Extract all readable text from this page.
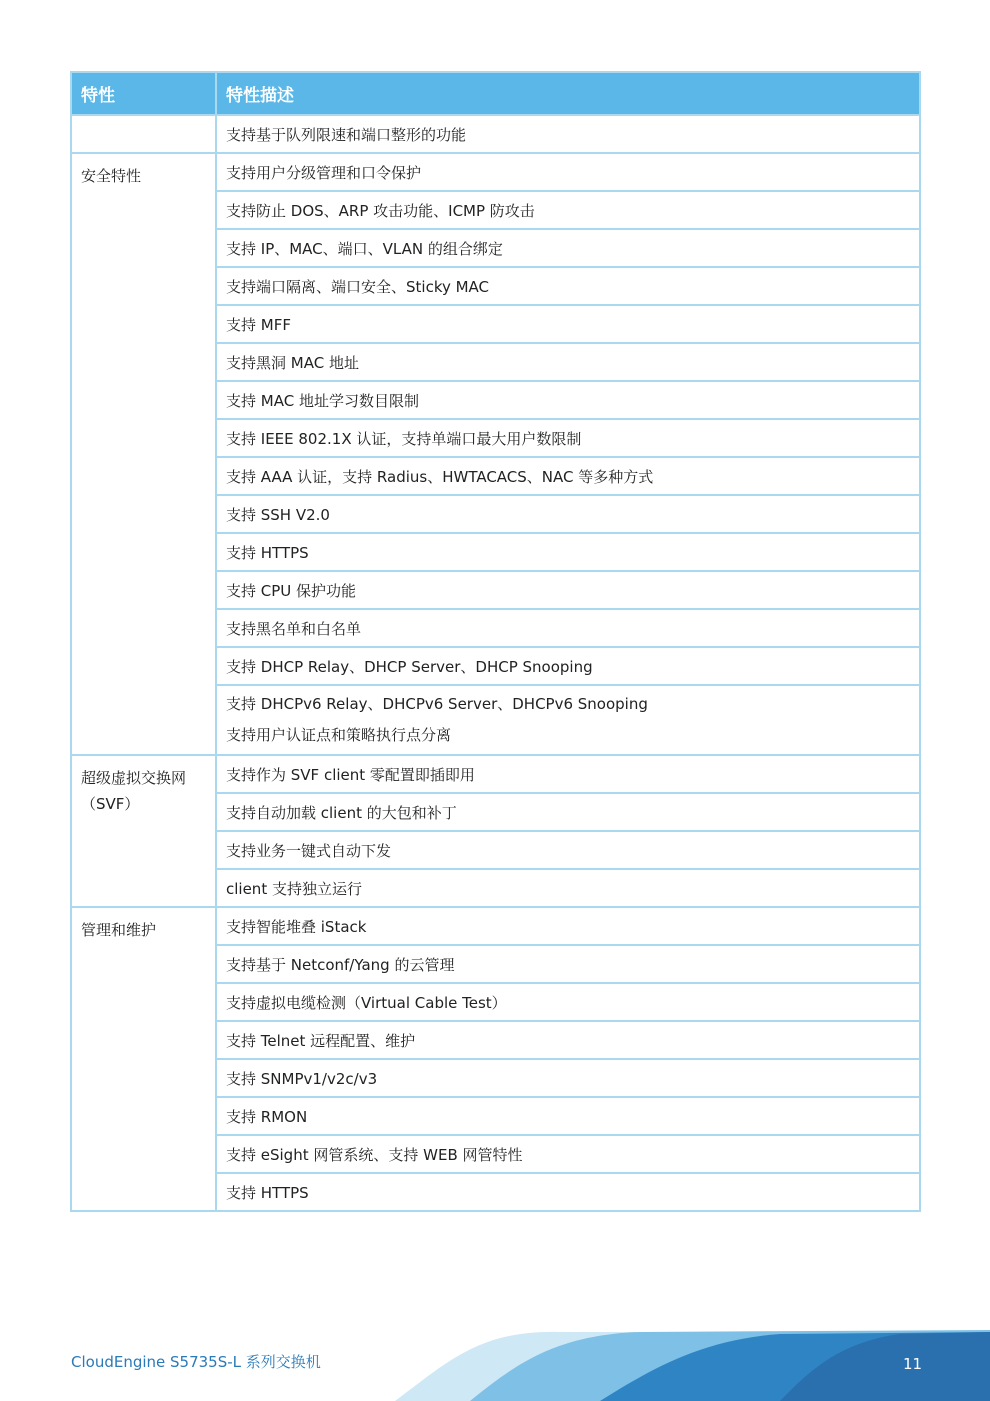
特性	特性描述
	支持基于队列限速和端口整形的功能
安全特性	支持用户分级管理和口令保护
	支持防止 DOS、ARP 攻击功能、ICMP 防攻击
	支持 IP、MAC、端口、VLAN 的组合绑定
	支持端口隔离、端口安全、Sticky MAC
	支持 MFF
	支持黑洞 MAC 地址
	支持 MAC 地址学习数目限制
	支持 IEEE 802.1X 认证，支持单端口最大用户数限制
	支持 AAA 认证，支持 Radius、HWTACACS、NAC 等多种方式
	支持 SSH V2.0
	支持 HTTPS
	支持 CPU 保护功能
	支持黑名单和白名单
	支持 DHCP Relay、DHCP Server、DHCP Snooping

	支持 DHCPv6 Relay、DHCPv6 Server、DHCPv6 Snooping
支持用户认证点和策略执行点分离

超级虚拟交换网（SVF）	支持作为 SVF client 零配置即插即用
	支持自动加载 client 的大包和补丁
	支持业务一键式自动下发
	client 支持独立运行
管理和维护	支持智能堆叠 iStack
	支持基于 Netconf/Yang 的云管理
	支持虚拟电缆检测（Virtual Cable Test）
	支持 Telnet 远程配置、维护
	支持 SNMPv1/v2c/v3
	支持 RMON
	支持 eSight 网管系统、支持 WEB 网管特性
	支持 HTTPS
CloudEngine S5735S-L 系列交换机	11
